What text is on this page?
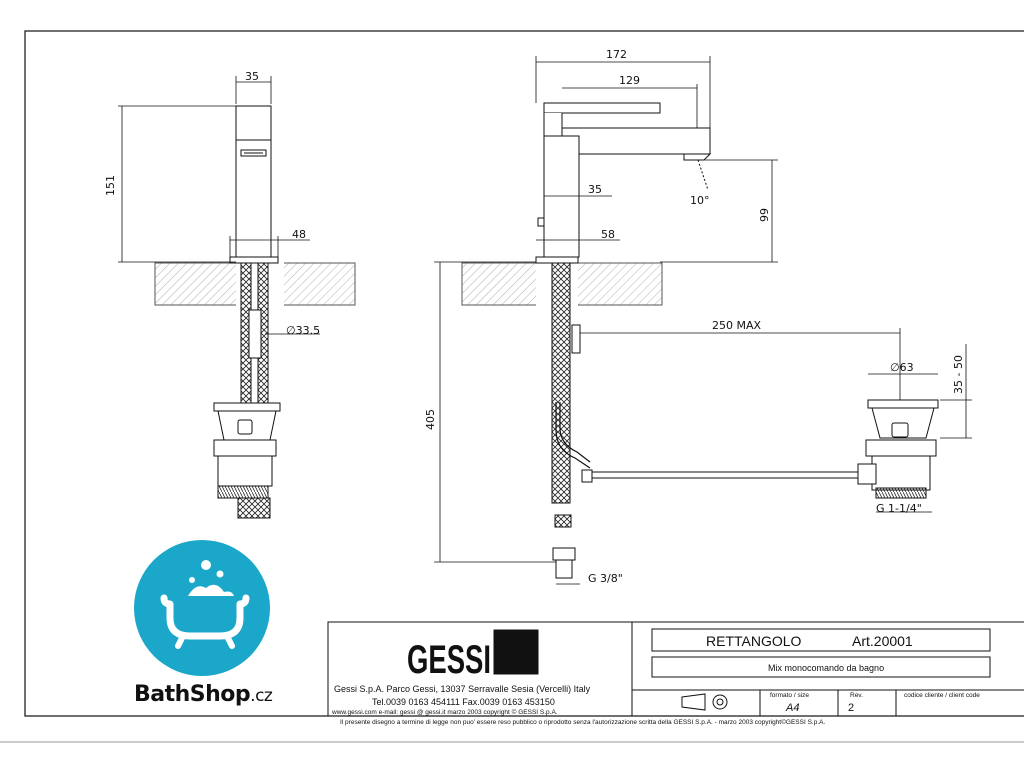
35
151
48
∅33.5
172
129
35
10°
99
58
405
250 MAX
∅63	35 - 50
G 1-1/4"
G 3/8"
GESSI
Gessi S.p.A. Parco Gessi, 13037 Serravalle Sesia (Vercelli) Italy
Tel.0039 0163 454111 Fax.0039 0163 453150
www.gessi.com e-mail: gessi @ gessi.it marzo 2003 copyright © GESSI S.p.A.
RETTANGOLO	Art.20001
Mix monocomando da bagno
formato / size
A4
Rev.
2
codice cliente / client code
Il presente disegno a termine di legge non puo' essere reso pubblico o riprodotto senza l'autorizzazione scritta della GESSI S.p.A. - marzo 2003 copyright©GESSI S.p.A.
BathShop.cz
